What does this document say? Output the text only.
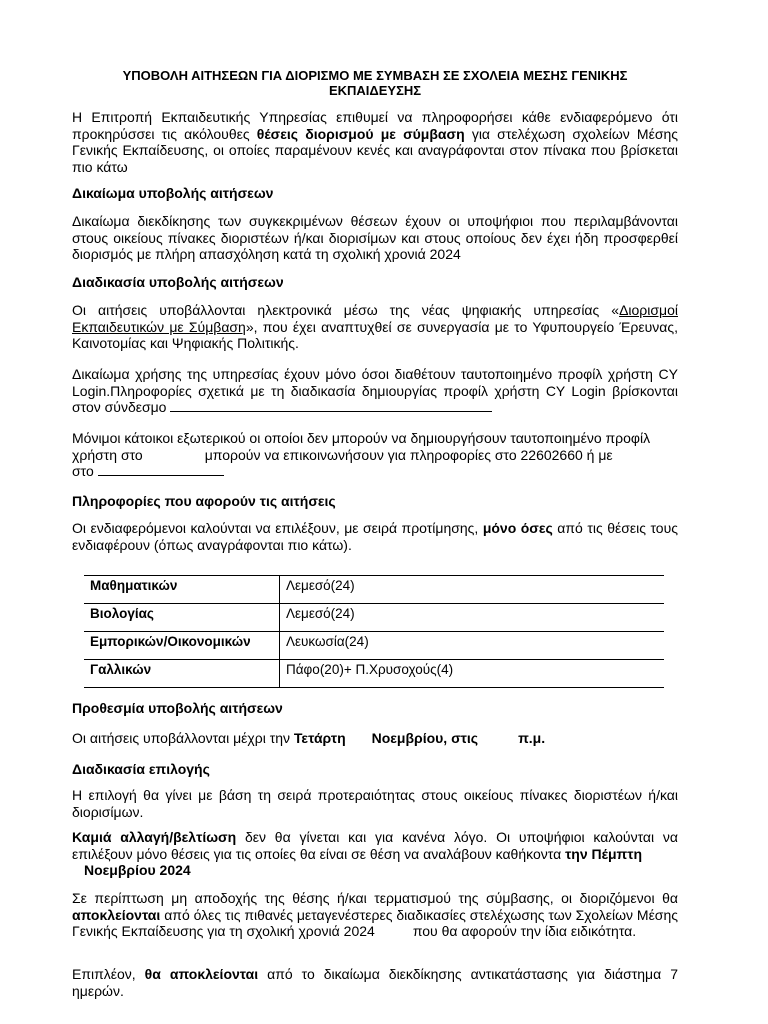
ΥΠΟΒΟΛΗ ΑΙΤΗΣΕΩΝ ΓΙΑ ΔΙΟΡΙΣΜΟ ΜΕ ΣΥΜΒΑΣΗ ΣΕ ΣΧΟΛΕΙΑ ΜΕΣΗΣ ΓΕΝΙΚΗΣ
ΕΚΠΑΙΔΕΥΣΗΣ

Η Επιτροπή Εκπαιδευτικής Υπηρεσίας επιθυμεί να πληροφορήσει κάθε ενδιαφερόμενο ότι προκηρύσσει τις ακόλουθες θέσεις διορισμού με σύμβαση για στελέχωση σχολείων Μέσης Γενικής Εκπαίδευσης, οι οποίες παραμένουν κενές και αναγράφονται στον πίνακα που βρίσκεται πιο κάτω

Δικαίωμα υποβολής αιτήσεων

Δικαίωμα διεκδίκησης των συγκεκριμένων θέσεων έχουν οι υποψήφιοι που περιλαμβάνονται στους οικείους πίνακες διοριστέων ή/και διορισίμων και στους οποίους δεν έχει ήδη προσφερθεί διορισμός με πλήρη απασχόληση κατά τη σχολική χρονιά 2024

Διαδικασία υποβολής αιτήσεων

Οι αιτήσεις υποβάλλονται ηλεκτρονικά μέσω της νέας ψηφιακής υπηρεσίας «Διορισμοί Εκπαιδευτικών με Σύμβαση», που έχει αναπτυχθεί σε συνεργασία με το Υφυπουργείο Έρευνας, Καινοτομίας και Ψηφιακής Πολιτικής.

Δικαίωμα χρήσης της υπηρεσίας έχουν μόνο όσοι διαθέτουν ταυτοποιημένο προφίλ χρήστη CY Login.Πληροφορίες σχετικά με τη διαδικασία δημιουργίας προφίλ χρήστη CY Login βρίσκονται στον σύνδεσμο

Μόνιμοι κάτοικοι εξωτερικού οι οποίοι δεν μπορούν να δημιουργήσουν ταυτοποιημένο προφίλ χρήστη στο	μπορούν να επικοινωνήσουν για πληροφορίες στο 22602660 ή με
στο

Πληροφορίες που αφορούν τις αιτήσεις

Οι ενδιαφερόμενοι καλούνται να επιλέξουν, με σειρά προτίμησης, μόνο όσες από τις θέσεις τους ενδιαφέρουν (όπως αναγράφονται πιο κάτω).

Μαθηματικών	Λεμεσό(24)
Βιολογίας	Λεμεσό(24)
Εμπορικών/Οικονομικών	Λευκωσία(24)
Γαλλικών	Πάφο(20)+ Π.Χρυσοχούς(4)

Προθεσμία υποβολής αιτήσεων

Οι αιτήσεις υποβάλλονται μέχρι την Τετάρτη Νοεμβρίου, στις	π.μ.

Διαδικασία επιλογής

Η επιλογή θα γίνει με βάση τη σειρά προτεραιότητας στους οικείους πίνακες διοριστέων ή/και διορισίμων.

Καμιά αλλαγή/βελτίωση δεν θα γίνεται και για κανένα λόγο. Οι υποψήφιοι καλούνται να επιλέξουν μόνο θέσεις για τις οποίες θα είναι σε θέση να αναλάβουν καθήκοντα την Πέμπτη

Νοεμβρίου 2024

Σε περίπτωση μη αποδοχής της θέσης ή/και τερματισμού της σύμβασης, οι διοριζόμενοι θα αποκλείονται από όλες τις πιθανές μεταγενέστερες διαδικασίες στελέχωσης των Σχολείων Μέσης Γενικής Εκπαίδευσης για τη σχολική χρονιά 2024	που θα αφορούν την ίδια ειδικότητα.

Επιπλέον, θα αποκλείονται από το δικαίωμα διεκδίκησης αντικατάστασης για διάστημα 7 ημερών.
